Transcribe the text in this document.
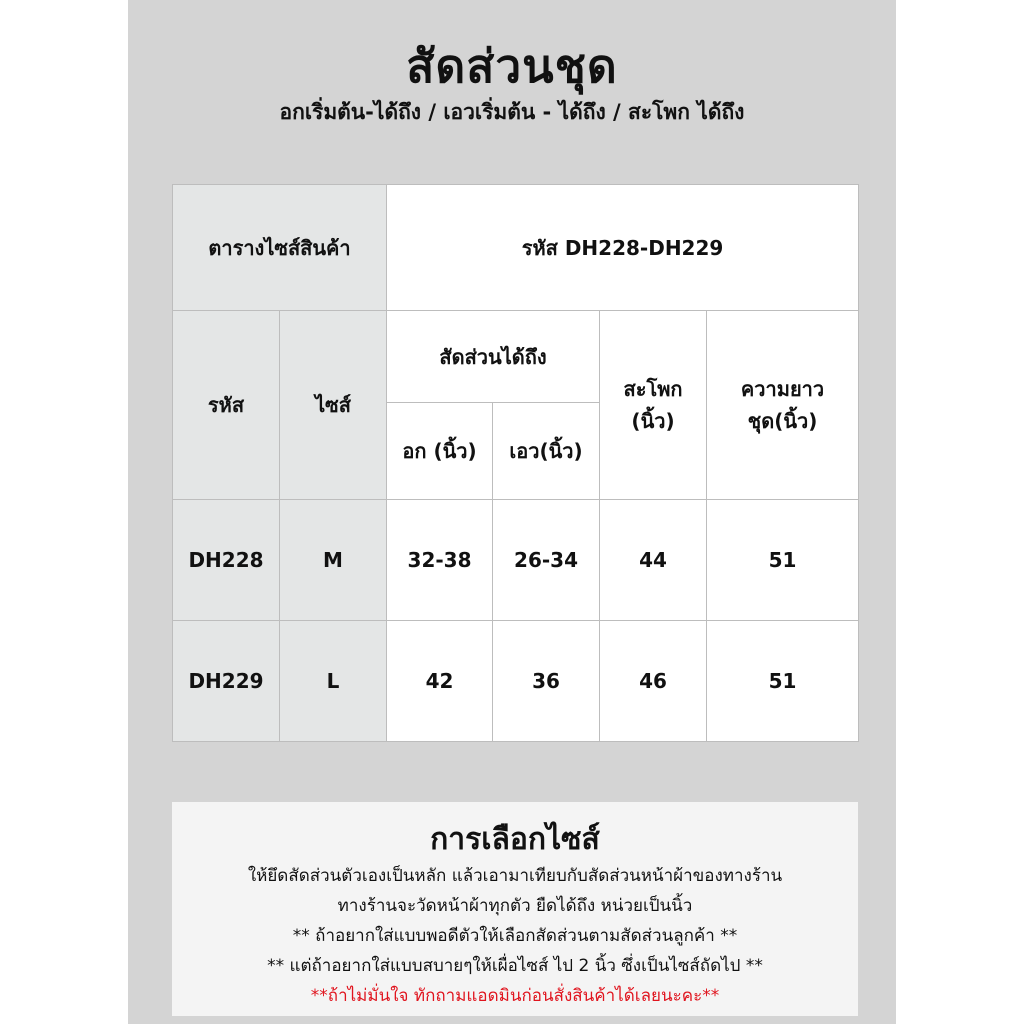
สัดส่วนชุด
อกเริ่มต้น-ได้ถึง / เอวเริ่มต้น - ได้ถึง / สะโพก ได้ถึง
ตารางไซส์สินค้า		รหัส DH228-DH229			
รหัส	ไซส์	สัดส่วนได้ถึง		สะโพก (นิ้ว)	ความยาวชุด(นิ้ว)
		อก (นิ้ว)	เอว(นิ้ว)		
DH228	M	32-38	26-34	44	51
DH229	L	42	36	46	51
การเลือกไซส์
ให้ยึดสัดส่วนตัวเองเป็นหลัก แล้วเอามาเทียบกับสัดส่วนหน้าผ้าของทางร้าน
ทางร้านจะวัดหน้าผ้าทุกตัว ยืดได้ถึง หน่วยเป็นนิ้ว
** ถ้าอยากใส่แบบพอดีตัวให้เลือกสัดส่วนตามสัดส่วนลูกค้า **
** แต่ถ้าอยากใส่แบบสบายๆให้เผื่อไซส์ ไป 2 นิ้ว ซึ่งเป็นไซส์ถัดไป **
**ถ้าไม่มั่นใจ ทักถามแอดมินก่อนสั่งสินค้าได้เลยนะคะ**
